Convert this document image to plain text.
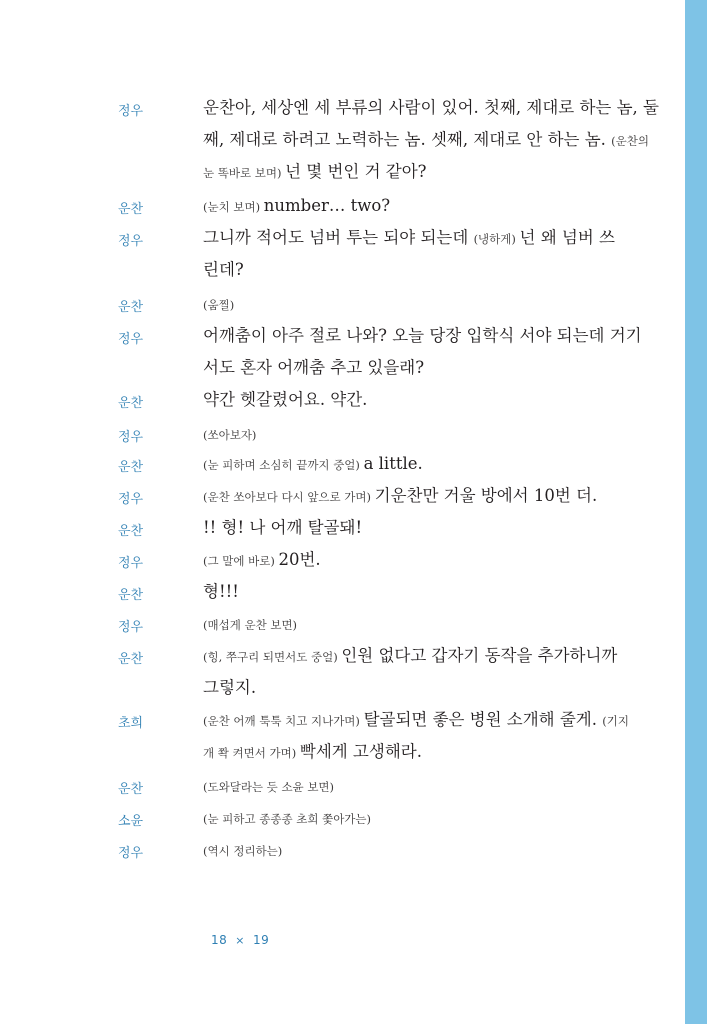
정우	운찬아, 세상엔 세 부류의 사람이 있어. 첫째, 제대로 하는 놈, 둘
째, 제대로 하려고 노력하는 놈. 셋째, 제대로 안 하는 놈. (운찬의
눈 똑바로 보며) 넌 몇 번인 거 같아?
운찬	(눈치 보며) number… two?
정우	그니까 적어도 넘버 투는 되야 되는데 (냉하게) 넌 왜 넘버 쓰
린데?
운찬	(움찔)
정우	어깨춤이 아주 절로 나와? 오늘 당장 입학식 서야 되는데 거기
서도 혼자 어깨춤 추고 있을래?
운찬	약간 헷갈렸어요. 약간.
정우	(쏘아보자)
운찬	(눈 피하며 소심히 끝까지 중얼) a little.
정우	(운찬 쏘아보다 다시 앞으로 가며) 기운찬만 거울 방에서 10번 더.
운찬	!! 형! 나 어깨 탈골돼!
정우	(그 말에 바로) 20번.
운찬	형!!!
정우	(매섭게 운찬 보면)
운찬	(힝, 쭈구리 되면서도 중얼) 인원 없다고 갑자기 동작을 추가하니까
그렇지.
초희	(운찬 어깨 툭툭 치고 지나가며) 탈골되면 좋은 병원 소개해 줄게. (기지
개 쫙 켜면서 가며) 빡세게 고생해라.
운찬	(도와달라는 듯 소윤 보면)
소윤	(눈 피하고 종종종 초희 쫓아가는)
정우	(역시 정리하는)
18 × 19
